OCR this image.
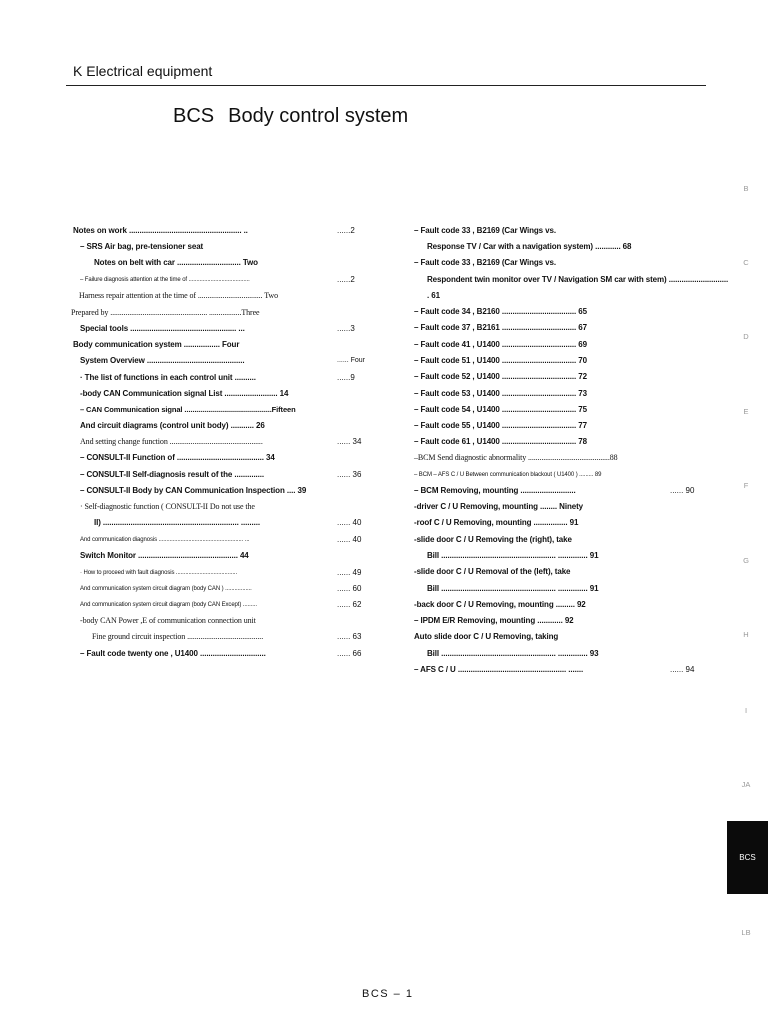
K Electrical equipment
BCS Body control system
Notes on work ..................................................... ..	......2
– SRS Air bag, pre-tensioner seat
Notes on belt with car .............................. Two
– Failure diagnosis attention at the time of .......................................	......2
Harness repair attention at the time of .................................. Two
Prepared by ................................................... .................Three
Special tools .................................................. ...	......3
Body communication system ................. Four
System Overview ..............................................	...... Four
· The list of functions in each control unit ..........	......9
-body CAN Communication signal List ......................... 14
– CAN Communication signal ............................................Fifteen
And circuit diagrams (control unit body) ........... 26
And setting change function .................................................	...... 34
– CONSULT-II Function of ......................................... 34
– CONSULT-II Self-diagnosis result of the ..............	...... 36
– CONSULT-II Body by CAN Communication Inspection .... 39
· Self-diagnostic function ( CONSULT-II Do not use the
II) ................................................................ .........	...... 40
And communication diagnosis ...................................................... ...	...... 40
Switch Monitor ............................................... 44
· How to proceed with fault diagnosis .......................................	...... 49
And communication system circuit diagram (body CAN ) .................	...... 60
And communication system circuit diagram (body CAN Except) .........	...... 62
-body CAN Power ,E of communication connection unit
Fine ground circuit inspection ........................................	...... 63
– Fault code twenty one , U1400 ...............................	...... 66
– Fault code 33 , B2169 (Car Wings vs.
Response TV / Car with a navigation system) ............ 68
– Fault code 33 , B2169 (Car Wings vs.
Respondent twin monitor over TV / Navigation SM car with stem) ............................
. 61
– Fault code 34 , B2160 ................................... 65
– Fault code 37 , B2161 ................................... 67
– Fault code 41 , U1400 ................................... 69
– Fault code 51 , U1400 ................................... 70
– Fault code 52 , U1400 ................................... 72
– Fault code 53 , U1400 ................................... 73
– Fault code 54 , U1400 ................................... 75
– Fault code 55 , U1400 ................................... 77
– Fault code 61 , U1400 ................................... 78
–BCM Send diagnostic abnormality ...........................................88
– BCM – AFS C / U Between communication blackout ( U1400 ) ......... 89
– BCM Removing, mounting ..........................	...... 90
-driver C / U Removing, mounting ........ Ninety
-roof C / U Removing, mounting ................ 91
-slide door C / U Removing the (right), take
Bill ...................................................... .............. 91
-slide door C / U Removal of the (left), take
Bill ...................................................... .............. 91
-back door C / U Removing, mounting ......... 92
– IPDM E/R Removing, mounting ............ 92
Auto slide door C / U Removing, taking
Bill ...................................................... .............. 93
– AFS C / U ................................................... .......	...... 94
B
C
D
E
F
G
H
I
JA
BCS
LB
BCS – 1
